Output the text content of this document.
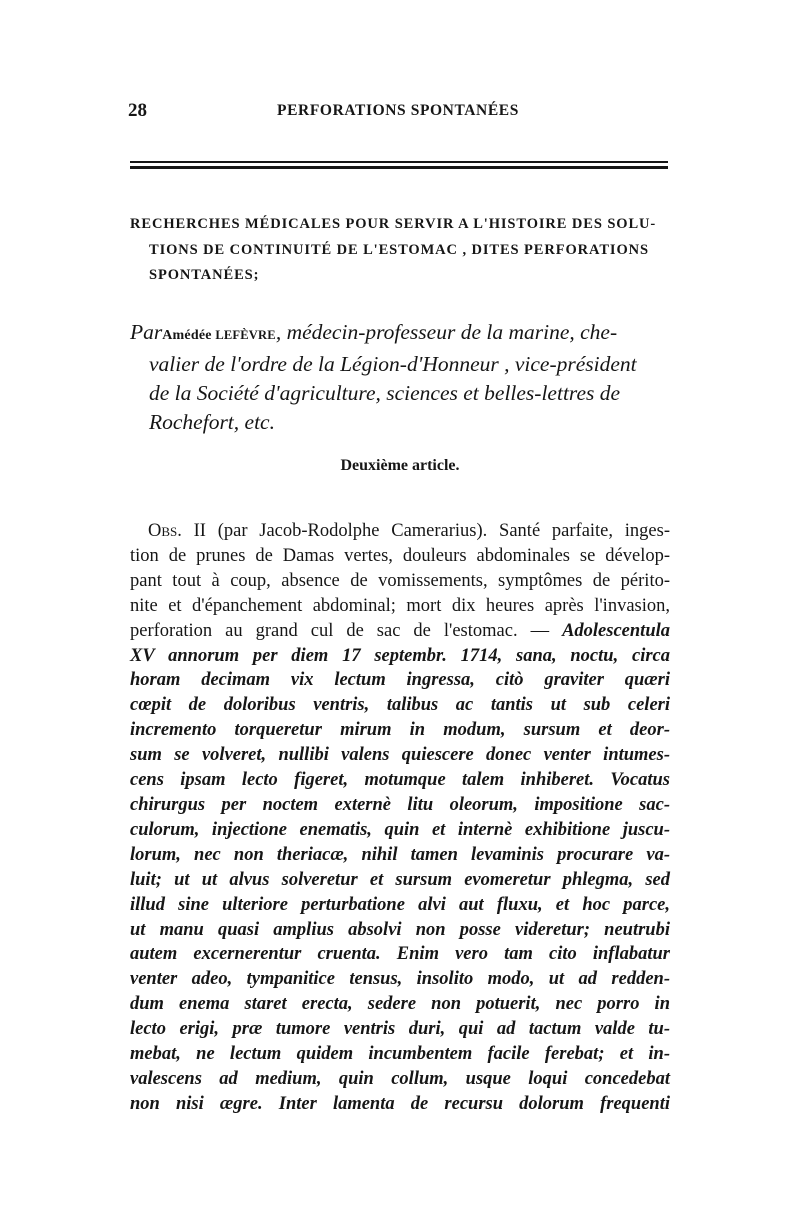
28	PERFORATIONS SPONTANÉES
RECHERCHES MÉDICALES POUR SERVIR A L'HISTOIRE DES SOLU-
TIONS DE CONTINUITÉ DE L'ESTOMAC , DITES PERFORATIONS
SPONTANÉES;
ParAmédée LEFÈVRE, médecin-professeur de la marine, che-
valier de l'ordre de la Légion-d'Honneur , vice-président
de la Société d'agriculture, sciences et belles-lettres de
Rochefort, etc.
Deuxième article.
Obs. II (par Jacob-Rodolphe Camerarius). Santé parfaite, inges-
tion de prunes de Damas vertes, douleurs abdominales se dévelop-
pant tout à coup, absence de vomissements, symptômes de périto-
nite et d'épanchement abdominal; mort dix heures après l'invasion,
perforation au grand cul de sac de l'estomac. — Adolescentula
XV annorum per diem 17 septembr. 1714, sana, noctu, circa
horam decimam vix lectum ingressa, citò graviter quæri
cœpit de doloribus ventris, talibus ac tantis ut sub celeri
incremento torqueretur mirum in modum, sursum et deor-
sum se volveret, nullibi valens quiescere donec venter intumes-
cens ipsam lecto figeret, motumque talem inhiberet. Vocatus
chirurgus per noctem externè litu oleorum, impositione sac-
culorum, injectione enematis, quin et internè exhibitione juscu-
lorum, nec non theriacæ, nihil tamen levaminis procurare va-
luit; ut ut alvus solveretur et sursum evomeretur phlegma, sed
illud sine ulteriore perturbatione alvi aut fluxu, et hoc parce,
ut manu quasi amplius absolvi non posse videretur; neutrubi
autem excernerentur cruenta. Enim vero tam cito inflabatur
venter adeo, tympanitice tensus, insolito modo, ut ad redden-
dum enema staret erecta, sedere non potuerit, nec porro in
lecto erigi, præ tumore ventris duri, qui ad tactum valde tu-
mebat, ne lectum quidem incumbentem facile ferebat; et in-
valescens ad medium, quin collum, usque loqui concedebat
non nisi ægre. Inter lamenta de recursu dolorum frequenti
